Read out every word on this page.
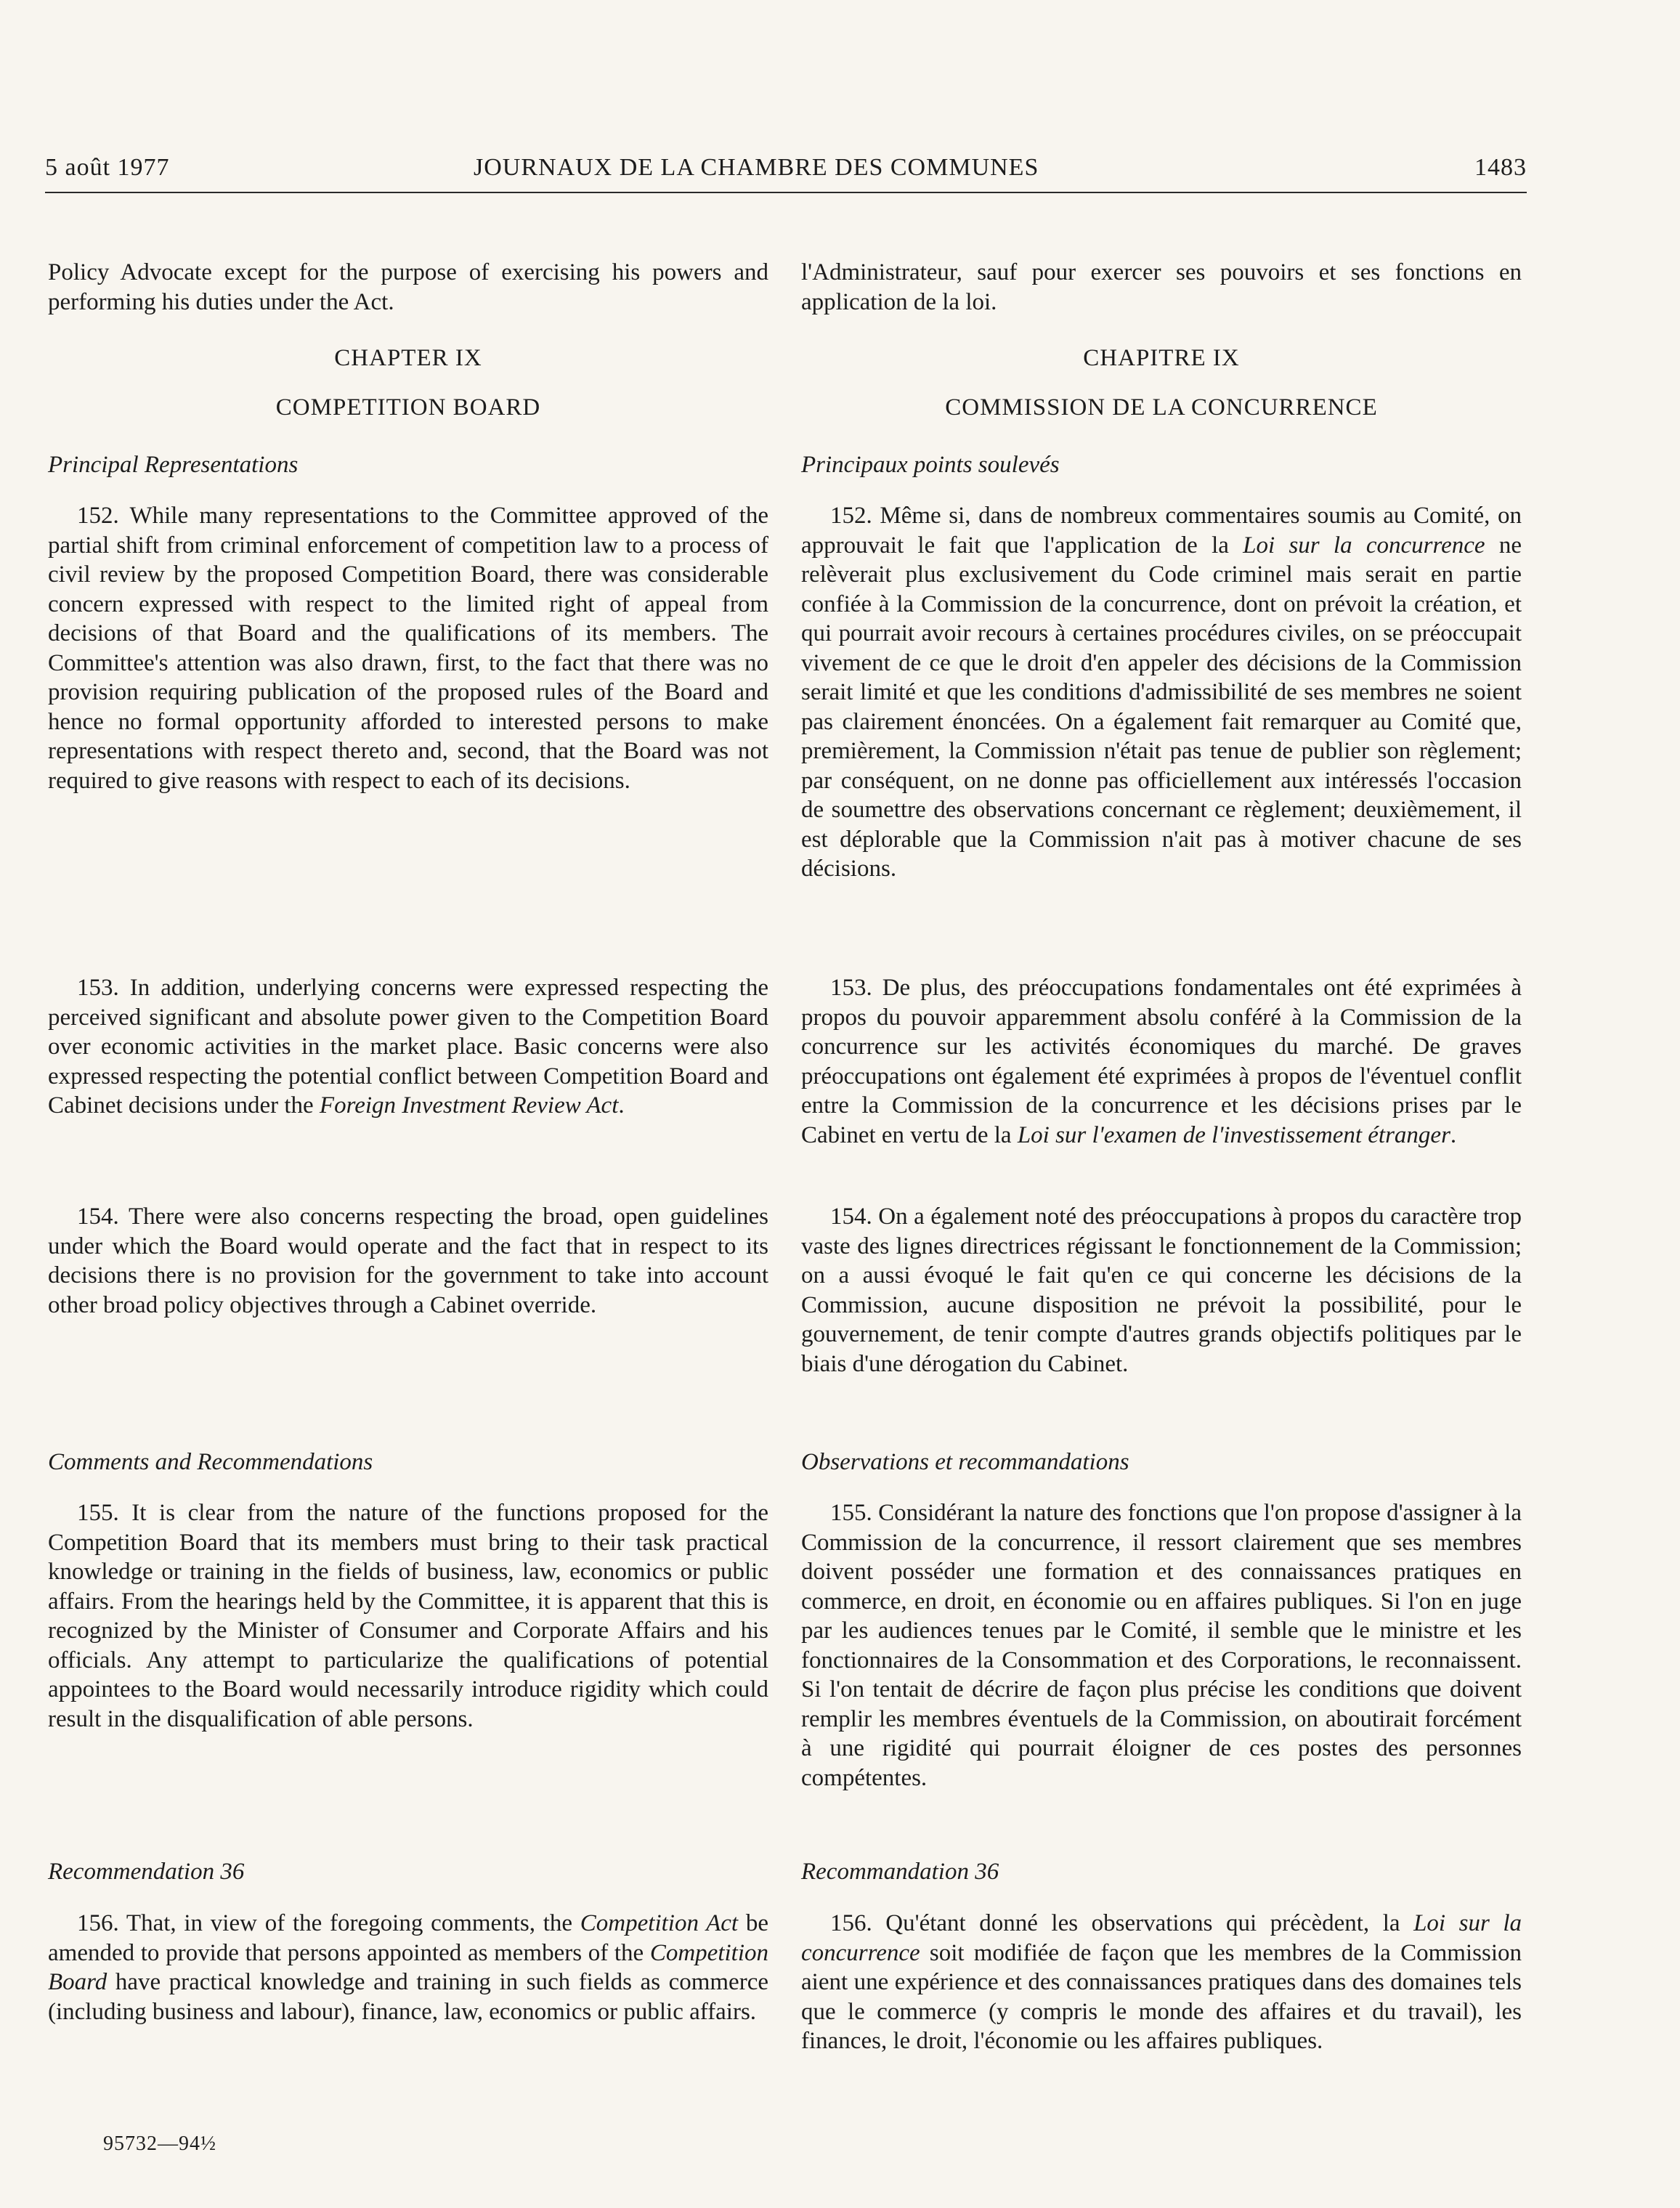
5 août 1977	JOURNAUX DE LA CHAMBRE DES COMMUNES	1483

Policy Advocate except for the purpose of exercising his powers and performing his duties under the Act.

CHAPTER IX
COMPETITION BOARD
Principal Representations

152. While many representations to the Committee approved of the partial shift from criminal enforcement of competition law to a process of civil review by the proposed Competition Board, there was considerable concern expressed with respect to the limited right of appeal from decisions of that Board and the qualifications of its members. The Committee's attention was also drawn, first, to the fact that there was no provision requiring publication of the proposed rules of the Board and hence no formal opportunity afforded to interested persons to make representations with respect thereto and, second, that the Board was not required to give reasons with respect to each of its decisions.

153. In addition, underlying concerns were expressed respecting the perceived significant and absolute power given to the Competition Board over economic activities in the market place. Basic concerns were also expressed respecting the potential conflict between Competition Board and Cabinet decisions under the Foreign Investment Review Act.

154. There were also concerns respecting the broad, open guidelines under which the Board would operate and the fact that in respect to its decisions there is no provision for the government to take into account other broad policy objectives through a Cabinet override.

Comments and Recommendations

155. It is clear from the nature of the functions proposed for the Competition Board that its members must bring to their task practical knowledge or training in the fields of business, law, economics or public affairs. From the hearings held by the Committee, it is apparent that this is recognized by the Minister of Consumer and Corporate Affairs and his officials. Any attempt to particularize the qualifications of potential appointees to the Board would necessarily introduce rigidity which could result in the disqualification of able persons.

Recommendation 36

156. That, in view of the foregoing comments, the Competition Act be amended to provide that persons appointed as members of the Competition Board have practical knowledge and training in such fields as commerce (including business and labour), finance, law, economics or public affairs.

l'Administrateur, sauf pour exercer ses pouvoirs et ses fonctions en application de la loi.

CHAPITRE IX
COMMISSION DE LA CONCURRENCE
Principaux points soulevés

152. Même si, dans de nombreux commentaires soumis au Comité, on approuvait le fait que l'application de la Loi sur la concurrence ne relèverait plus exclusivement du Code criminel mais serait en partie confiée à la Commission de la concurrence, dont on prévoit la création, et qui pourrait avoir recours à certaines procédures civiles, on se préoccupait vivement de ce que le droit d'en appeler des décisions de la Commission serait limité et que les conditions d'admissibilité de ses membres ne soient pas clairement énoncées. On a également fait remarquer au Comité que, premièrement, la Commission n'était pas tenue de publier son règlement; par conséquent, on ne donne pas officiellement aux intéressés l'occasion de soumettre des observations concernant ce règlement; deuxièmement, il est déplorable que la Commission n'ait pas à motiver chacune de ses décisions.

153. De plus, des préoccupations fondamentales ont été exprimées à propos du pouvoir apparemment absolu conféré à la Commission de la concurrence sur les activités économiques du marché. De graves préoccupations ont également été exprimées à propos de l'éventuel conflit entre la Commission de la concurrence et les décisions prises par le Cabinet en vertu de la Loi sur l'examen de l'investissement étranger.

154. On a également noté des préoccupations à propos du caractère trop vaste des lignes directrices régissant le fonctionnement de la Commission; on a aussi évoqué le fait qu'en ce qui concerne les décisions de la Commission, aucune disposition ne prévoit la possibilité, pour le gouvernement, de tenir compte d'autres grands objectifs politiques par le biais d'une dérogation du Cabinet.

Observations et recommandations

155. Considérant la nature des fonctions que l'on propose d'assigner à la Commission de la concurrence, il ressort clairement que ses membres doivent posséder une formation et des connaissances pratiques en commerce, en droit, en économie ou en affaires publiques. Si l'on en juge par les audiences tenues par le Comité, il semble que le ministre et les fonctionnaires de la Consommation et des Corporations, le reconnaissent. Si l'on tentait de décrire de façon plus précise les conditions que doivent remplir les membres éventuels de la Commission, on aboutirait forcément à une rigidité qui pourrait éloigner de ces postes des personnes compétentes.

Recommandation 36

156. Qu'étant donné les observations qui précèdent, la Loi sur la concurrence soit modifiée de façon que les membres de la Commission aient une expérience et des connaissances pratiques dans des domaines tels que le commerce (y compris le monde des affaires et du travail), les finances, le droit, l'économie ou les affaires publiques.

95732—94½
